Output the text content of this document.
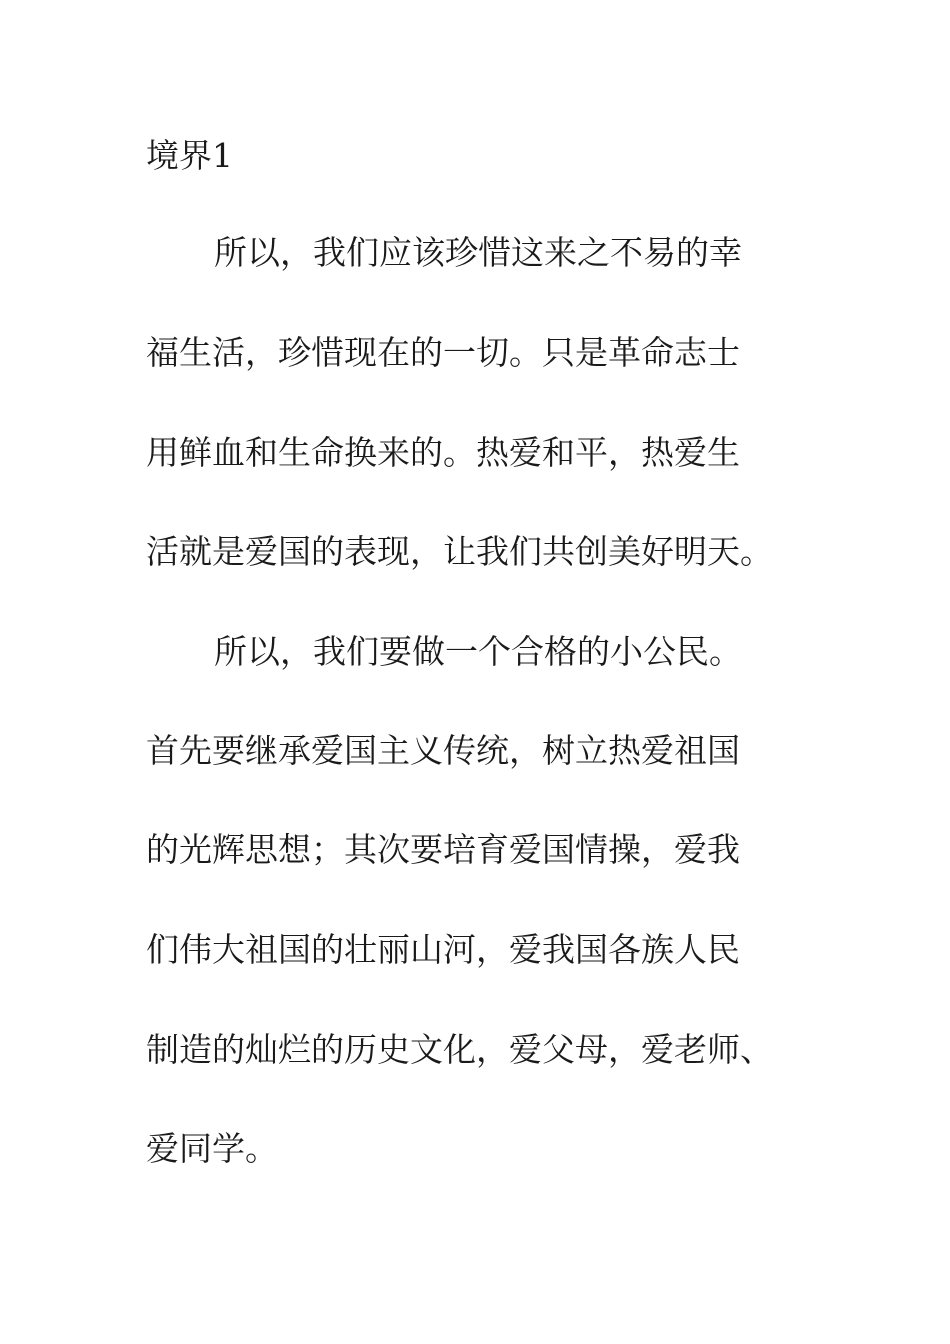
境界1
所以，我们应该珍惜这来之不易的幸
福生活，珍惜现在的一切。只是革命志士
用鲜血和生命换来的。热爱和平，热爱生
活就是爱国的表现，让我们共创美好明天。
所以，我们要做一个合格的小公民。
首先要继承爱国主义传统，树立热爱祖国
的光辉思想；其次要培育爱国情操，爱我
们伟大祖国的壮丽山河，爱我国各族人民
制造的灿烂的历史文化，爱父母，爱老师、
爱同学。
